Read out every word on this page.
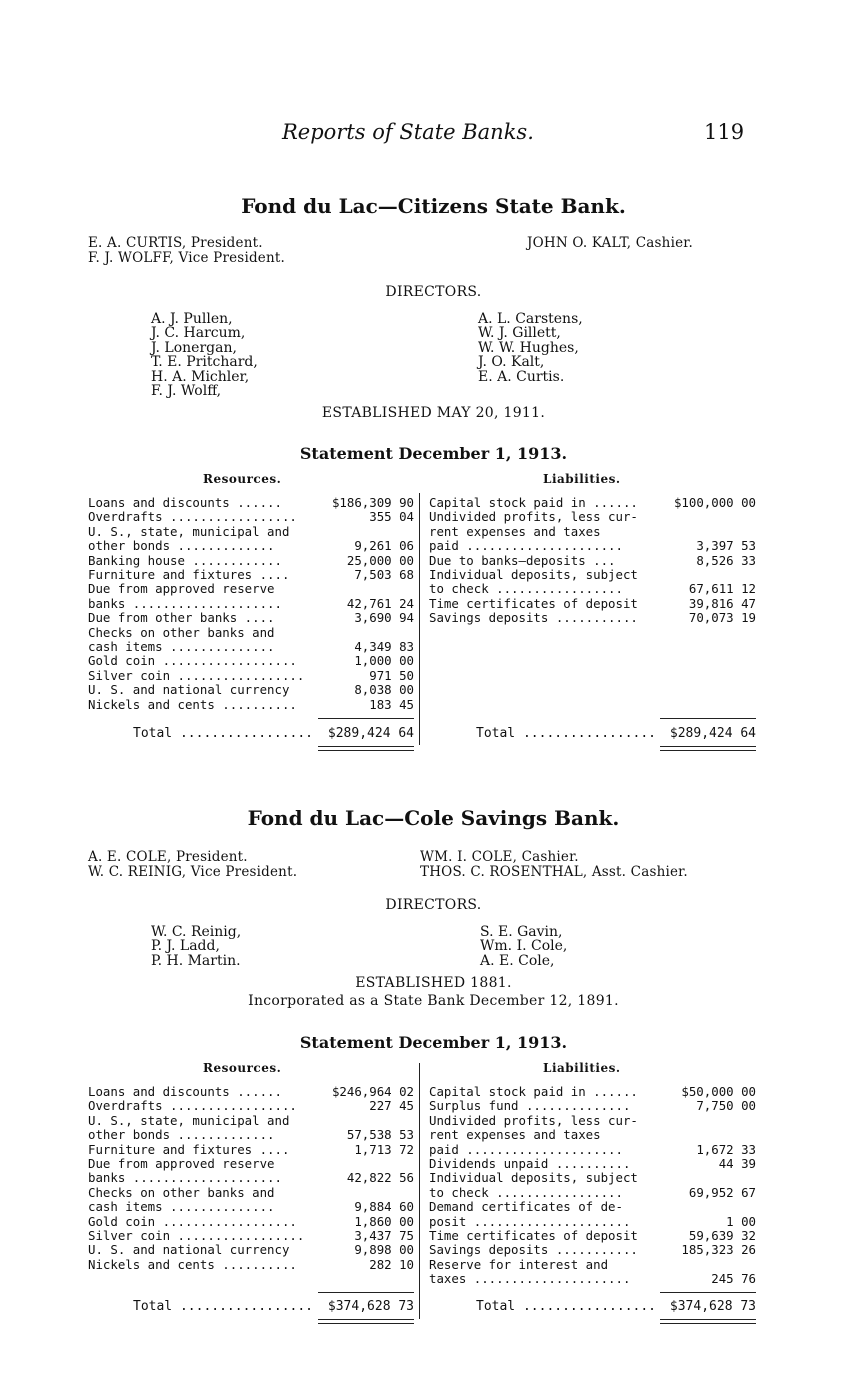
Reports of State Banks.	119
Fond du Lac—Citizens State Bank.
E. A. CURTIS, President.
F. J. WOLFF, Vice President.
JOHN O. KALT, Cashier.
DIRECTORS.
A. J. Pullen,
J. C. Harcum,
J. Lonergan,
T. E. Pritchard,
H. A. Michler,
F. J. Wolff,
A. L. Carstens,
W. J. Gillett,
W. W. Hughes,
J. O. Kalt,
E. A. Curtis.
ESTABLISHED MAY 20, 1911.
Statement December 1, 1913.
Resources.	Liabilities.
Loans and discounts ......	$186,309 90
Overdrafts .................	355 04
U. S., state, municipal and
other bonds .............	9,261 06
Banking house ............	25,000 00
Furniture and fixtures ....	7,503 68
Due from approved reserve
banks ....................	42,761 24
Due from other banks ....	3,690 94
Checks on other banks and
cash items ..............	4,349 83
Gold coin ..................	1,000 00
Silver coin .................	971 50
U. S. and national currency	8,038 00
Nickels and cents ..........	183 45
Capital stock paid in ......	$100,000 00
Undivided profits, less cur-
rent expenses and taxes
paid .....................	3,397 53
Due to banks—deposits ...	8,526 33
Individual deposits, subject
to check .................	67,611 12
Time certificates of deposit	39,816 47
Savings deposits ...........	70,073 19
Total .................	$289,424 64	Total .................	$289,424 64
Fond du Lac—Cole Savings Bank.
A. E. COLE, President.
W. C. REINIG, Vice President.
WM. I. COLE, Cashier.
THOS. C. ROSENTHAL, Asst. Cashier.
DIRECTORS.
W. C. Reinig,
P. J. Ladd,
P. H. Martin.
S. E. Gavin,
Wm. I. Cole,
A. E. Cole,
ESTABLISHED 1881.
Incorporated as a State Bank December 12, 1891.
Statement December 1, 1913.
Resources.	Liabilities.
Loans and discounts ......	$246,964 02
Overdrafts .................	227 45
U. S., state, municipal and
other bonds .............	57,538 53
Furniture and fixtures ....	1,713 72
Due from approved reserve
banks ....................	42,822 56
Checks on other banks and
cash items ..............	9,884 60
Gold coin ..................	1,860 00
Silver coin .................	3,437 75
U. S. and national currency	9,898 00
Nickels and cents ..........	282 10
Capital stock paid in ......	$50,000 00
Surplus fund ..............	7,750 00
Undivided profits, less cur-
rent expenses and taxes
paid .....................	1,672 33
Dividends unpaid ..........	44 39
Individual deposits, subject
to check .................	69,952 67
Demand certificates of de-
posit .....................	1 00
Time certificates of deposit	59,639 32
Savings deposits ...........	185,323 26
Reserve for interest and
taxes .....................	245 76
Total .................	$374,628 73	Total .................	$374,628 73
